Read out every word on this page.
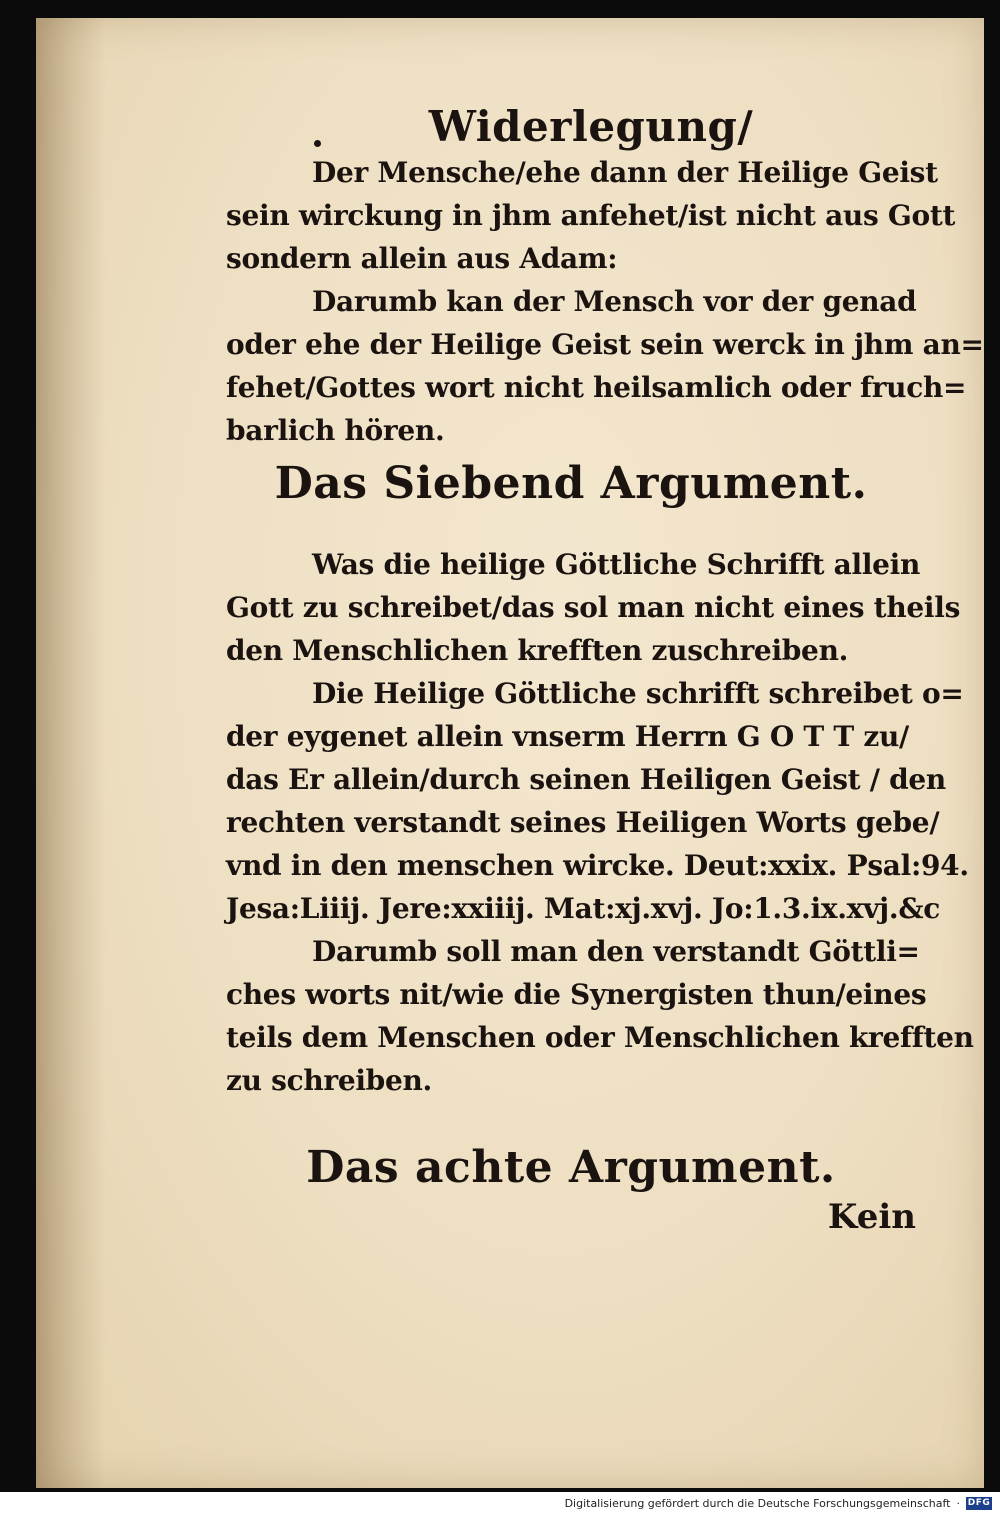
Widerlegung/

Der Mensche/ehe dann der Heilige Geist

sein wirckung in jhm anfehet/ist nicht aus Gott

sondern allein aus Adam:

Darumb kan der Mensch vor der genad

oder ehe der Heilige Geist sein werck in jhm an=

fehet/Gottes wort nicht heilsamlich oder fruch=

barlich hören.

Das Siebend Argument.

Was die heilige Göttliche Schrifft allein

Gott zu schreibet/das sol man nicht eines theils

den Menschlichen krefften zuschreiben.

Die Heilige Göttliche schrifft schreibet o=

der eygenet allein vnserm Herrn G O T T zu/

das Er allein/durch seinen Heiligen Geist / den

rechten verstandt seines Heiligen Worts gebe/

vnd in den menschen wircke. Deut:xxix. Psal:94.

Jesa:Liiij. Jere:xxiiij. Mat:xj.xvj. Jo:1.3.ix.xvj.&c

Darumb soll man den verstandt Göttli=

ches worts nit/wie die Synergisten thun/eines

teils dem Menschen oder Menschlichen krefften

zu schreiben.

Das achte Argument.

Kein

Digitalisierung gefördert durch die Deutsche Forschungsgemeinschaft · DFG
